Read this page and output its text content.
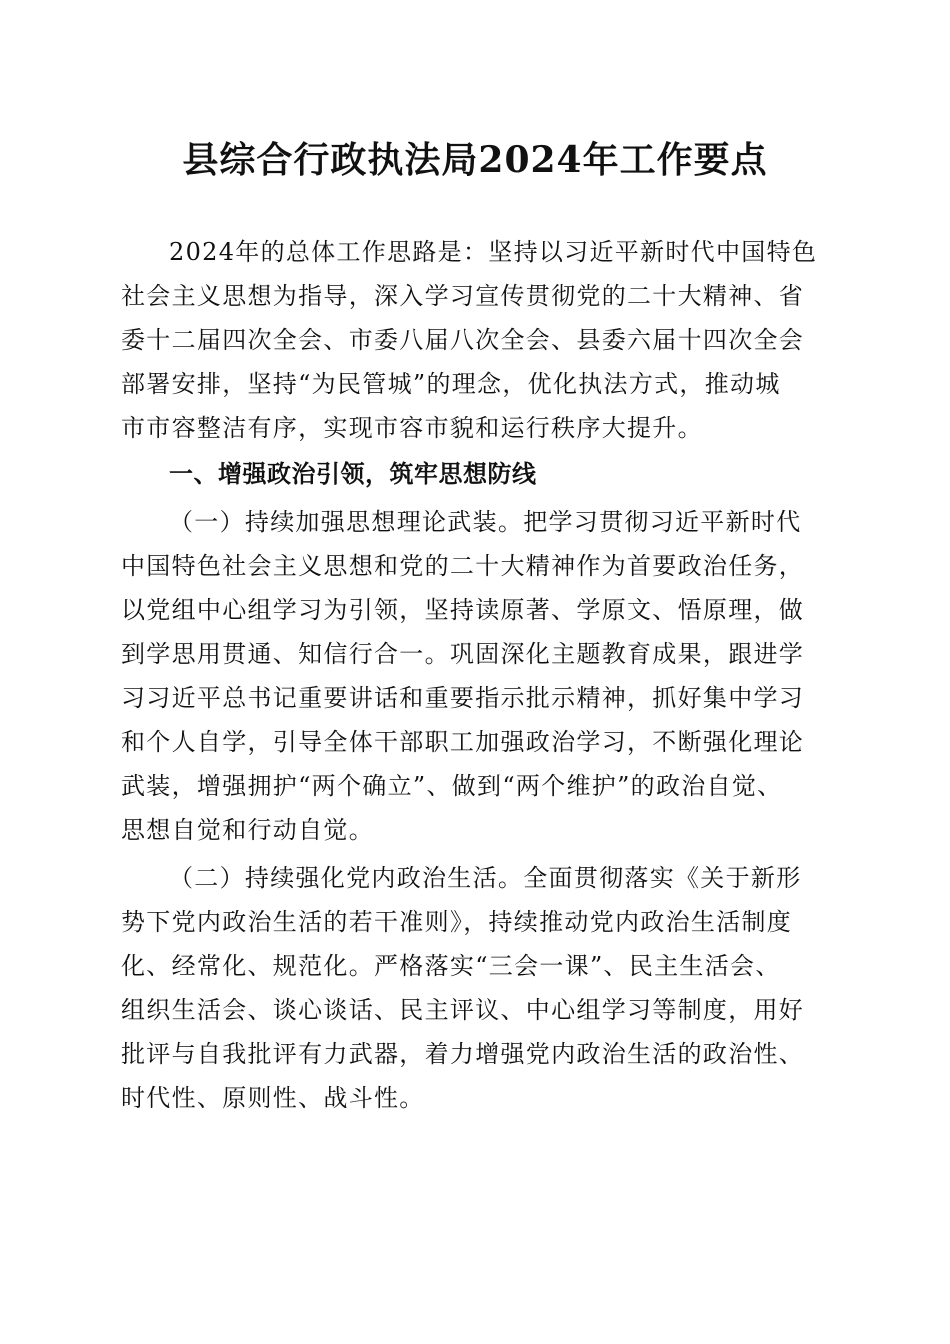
县综合行政执法局2024年工作要点
2024年的总体工作思路是：坚持以习近平新时代中国特色
社会主义思想为指导，深入学习宣传贯彻党的二十大精神、省
委十二届四次全会、市委八届八次全会、县委六届十四次全会
部署安排，坚持“为民管城”的理念，优化执法方式，推动城
市市容整洁有序，实现市容市貌和运行秩序大提升。
一、增强政治引领，筑牢思想防线
（一）持续加强思想理论武装。把学习贯彻习近平新时代
中国特色社会主义思想和党的二十大精神作为首要政治任务，
以党组中心组学习为引领，坚持读原著、学原文、悟原理，做
到学思用贯通、知信行合一。巩固深化主题教育成果，跟进学
习习近平总书记重要讲话和重要指示批示精神，抓好集中学习
和个人自学，引导全体干部职工加强政治学习，不断强化理论
武装，增强拥护“两个确立”、做到“两个维护”的政治自觉、
思想自觉和行动自觉。
（二）持续强化党内政治生活。全面贯彻落实《关于新形
势下党内政治生活的若干准则》，持续推动党内政治生活制度
化、经常化、规范化。严格落实“三会一课”、民主生活会、
组织生活会、谈心谈话、民主评议、中心组学习等制度，用好
批评与自我批评有力武器，着力增强党内政治生活的政治性、
时代性、原则性、战斗性。
